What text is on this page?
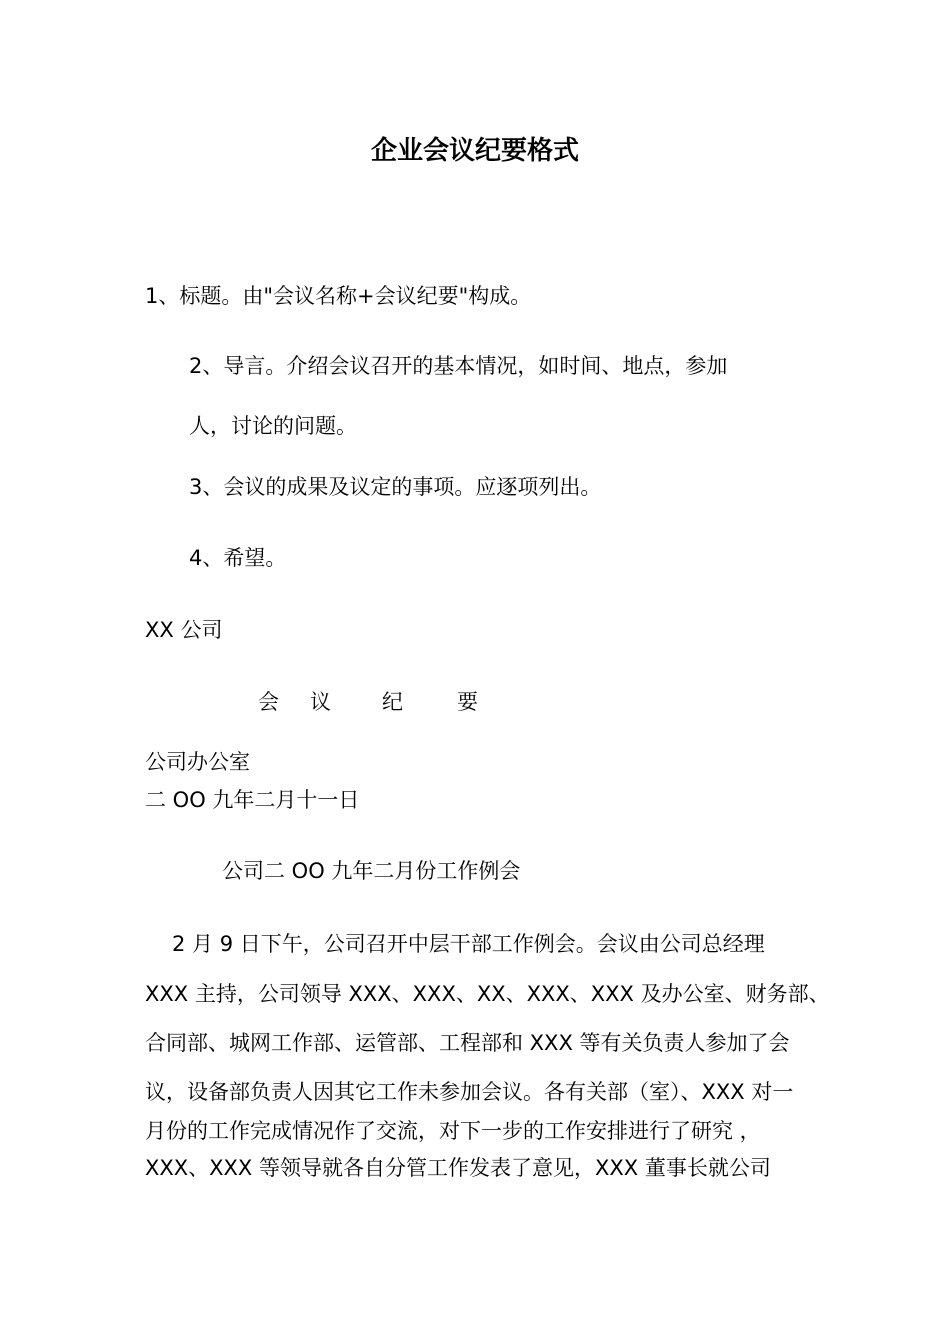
企业会议纪要格式
1、标题。由"会议名称+会议纪要"构成。
2、导言。介绍会议召开的基本情况，如时间、地点，参加
人，讨论的问题。
3、会议的成果及议定的事项。应逐项列出。
4、希望。
XX 公司
会 议 纪	要
公司办公室
二 OO 九年二月十一日
公司二 OO 九年二月份工作例会
2 月 9 日下午，公司召开中层干部工作例会。会议由公司总经理
XXX 主持，公司领导 XXX、XXX、XX、XXX、XXX 及办公室、财务部、
合同部、城网工作部、运管部、工程部和 XXX 等有关负责人参加了会
议，设备部负责人因其它工作未参加会议。各有关部（室）、XXX 对一
月份的工作完成情况作了交流，对下一步的工作安排进行了研究 ，
XXX、XXX 等领导就各自分管工作发表了意见，XXX 董事长就公司
